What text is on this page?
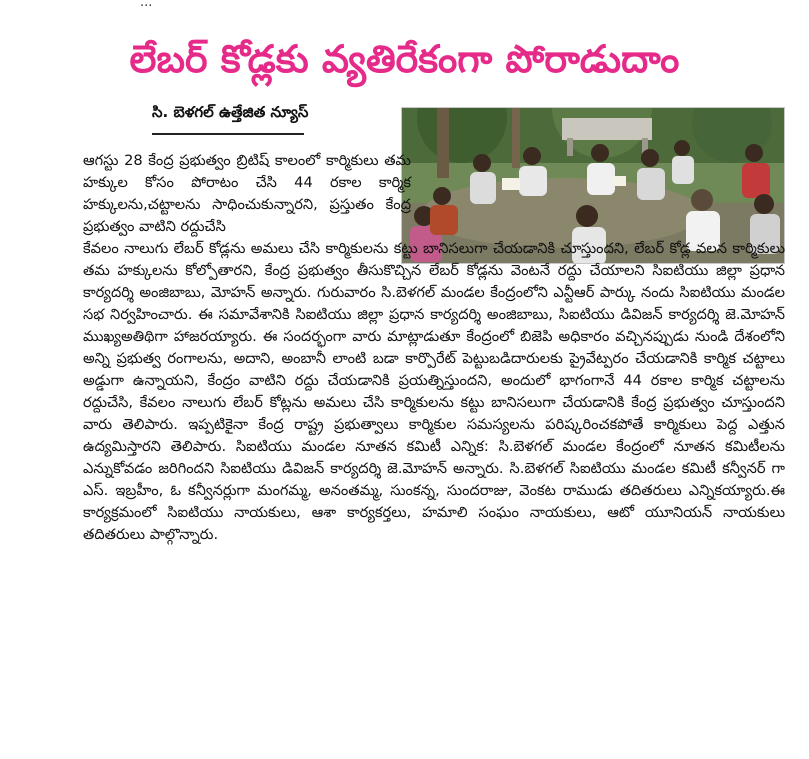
...
లేబర్ కోడ్లకు వ్యతిరేకంగా పోరాడుదాం
సి. బెళగల్ ఉత్తేజిత న్యూస్

ఆగస్టు 28 కేంద్ర ప్రభుత్వం బ్రిటిష్ కాలంలో కార్మికులు తమ హక్కుల కోసం పోరాటం చేసి 44 రకాల కార్మిక హక్కులను,చట్టాలను సాధించుకున్నారని, ప్రస్తుతం కేంద్ర ప్రభుత్వం వాటిని రద్దుచేసి

కేవలం నాలుగు లేబర్ కోడ్లను అమలు చేసి కార్మికులను కట్టు బానిసలుగా చేయడానికి చూస్తుందని, లేబర్ కోడ్ల వలన కార్మికులు తమ హక్కులను కోల్పోతారని, కేంద్ర ప్రభుత్వం తీసుకొచ్చిన లేబర్ కోడ్లను వెంటనే రద్దు చేయాలని సిఐటియు జిల్లా ప్రధాన కార్యదర్శి అంజిబాబు, మోహన్ అన్నారు. గురువారం సి.బెళగల్ మండల కేంద్రంలోని ఎన్టీఆర్ పార్కు నందు సిఐటియు మండల సభ నిర్వహించారు. ఈ సమావేశానికి సిఐటియు జిల్లా ప్రధాన కార్యదర్శి అంజిబాబు, సిఐటియు డివిజన్ కార్యదర్శి జె.మోహన్ ముఖ్యఅతిథిగా హాజరయ్యారు. ఈ సందర్భంగా వారు మాట్లాడుతూ కేంద్రంలో బిజెపి అధికారం వచ్చినప్పుడు నుండి దేశంలోని అన్ని ప్రభుత్వ రంగాలను, అదాని, అంబానీ లాంటి బడా కార్పొరేట్ పెట్టుబడిదారులకు ప్రైవేట్పరం చేయడానికి కార్మిక చట్టాలు అడ్డుగా ఉన్నాయని, కేంద్రం వాటిని రద్దు చేయడానికి ప్రయత్నిస్తుందని, అందులో భాగంగానే 44 రకాల కార్మిక చట్టాలను రద్దుచేసి, కేవలం నాలుగు లేబర్ కోట్లను అమలు చేసి కార్మికులను కట్టు బానిసలుగా చేయడానికి కేంద్ర ప్రభుత్వం చూస్తుందని వారు తెలిపారు. ఇప్పటికైనా కేంద్ర రాష్ట్ర ప్రభుత్వాలు కార్మికుల సమస్యలను పరిష్కరించకపోతే కార్మికులు పెద్ద ఎత్తున ఉద్యమిస్తారని తెలిపారు. సిఐటియు మండల నూతన కమిటీ ఎన్నిక: సి.బెళగల్ మండల కేంద్రంలో నూతన కమిటీలను ఎన్నుకోవడం జరిగిందని సిఐటియు డివిజన్ కార్యదర్శి జె.మోహన్ అన్నారు. సి.బెళగల్ సిఐటియు మండల కమిటీ కన్వీనర్ గా ఎస్. ఇబ్రహీం, ఓ కన్వీనర్లుగా మంగమ్మ, అనంతమ్మ, సుంకన్న, సుందరాజు, వెంకట రాముడు తదితరులు ఎన్నికయ్యారు.ఈ కార్యక్రమంలో సిఐటియు నాయకులు, ఆశా కార్యకర్తలు, హమాలి సంఘం నాయకులు, ఆటో యూనియన్ నాయకులు తదితరులు పాల్గొన్నారు.
